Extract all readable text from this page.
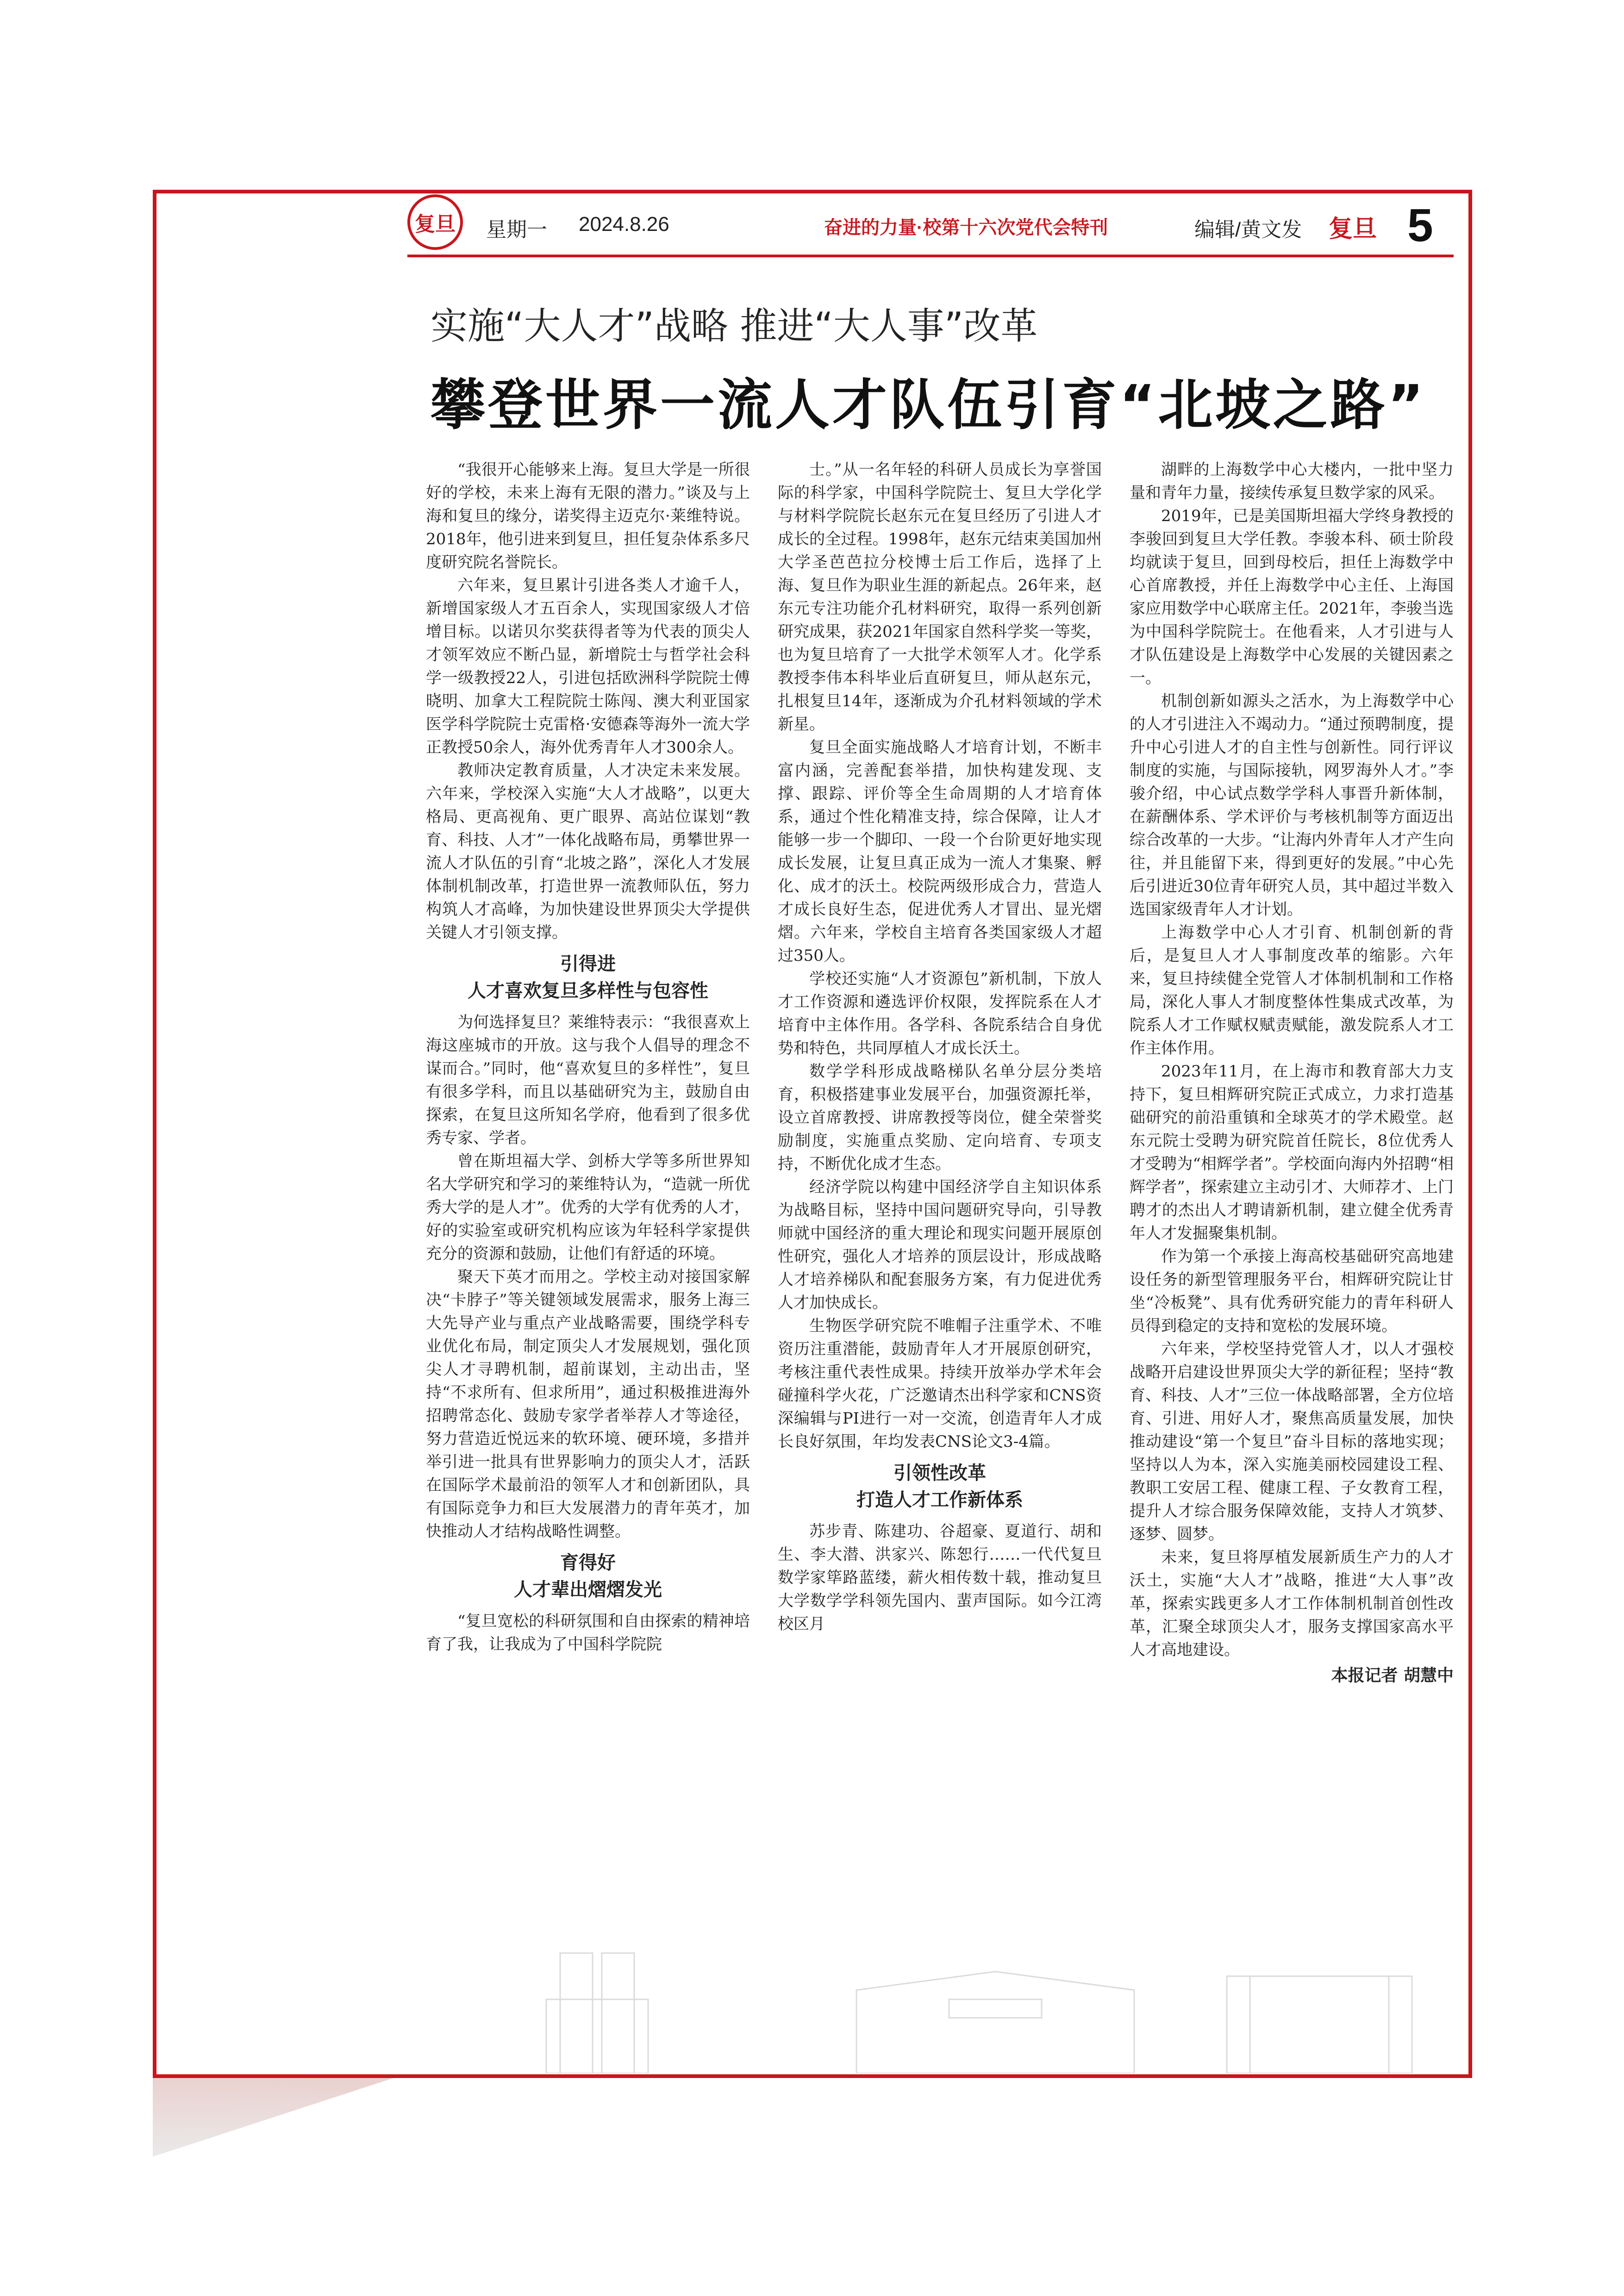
复旦 星期一 2024.8.26	奋进的力量·校第十六次党代会特刊	编辑/黄文发 复旦 5
实施“大人才”战略 推进“大人事”改革
攀登世界一流人才队伍引育“北坡之路”

“我很开心能够来上海。复旦大学是一所很好的学校，未来上海有无限的潜力。”谈及与上海和复旦的缘分，诺奖得主迈克尔·莱维特说。2018年，他引进来到复旦，担任复杂体系多尺度研究院名誉院长。

六年来，复旦累计引进各类人才逾千人，新增国家级人才五百余人，实现国家级人才倍增目标。以诺贝尔奖获得者等为代表的顶尖人才领军效应不断凸显，新增院士与哲学社会科学一级教授22人，引进包括欧洲科学院院士傅晓明、加拿大工程院院士陈闯、澳大利亚国家医学科学院院士克雷格·安德森等海外一流大学正教授50余人，海外优秀青年人才300余人。

教师决定教育质量，人才决定未来发展。六年来，学校深入实施“大人才战略”，以更大格局、更高视角、更广眼界、高站位谋划“教育、科技、人才”一体化战略布局，勇攀世界一流人才队伍的引育“北坡之路”，深化人才发展体制机制改革，打造世界一流教师队伍，努力构筑人才高峰，为加快建设世界顶尖大学提供关键人才引领支撑。

引得进
人才喜欢复旦多样性与包容性

为何选择复旦？莱维特表示：“我很喜欢上海这座城市的开放。这与我个人倡导的理念不谋而合。”同时，他“喜欢复旦的多样性”，复旦有很多学科，而且以基础研究为主，鼓励自由探索，在复旦这所知名学府，他看到了很多优秀专家、学者。

曾在斯坦福大学、剑桥大学等多所世界知名大学研究和学习的莱维特认为，“造就一所优秀大学的是人才”。优秀的大学有优秀的人才，好的实验室或研究机构应该为年轻科学家提供充分的资源和鼓励，让他们有舒适的环境。

聚天下英才而用之。学校主动对接国家解决“卡脖子”等关键领域发展需求，服务上海三大先导产业与重点产业战略需要，围绕学科专业优化布局，制定顶尖人才发展规划，强化顶尖人才寻聘机制，超前谋划，主动出击，坚持“不求所有、但求所用”，通过积极推进海外招聘常态化、鼓励专家学者举荐人才等途径，努力营造近悦远来的软环境、硬环境，多措并举引进一批具有世界影响力的顶尖人才，活跃在国际学术最前沿的领军人才和创新团队，具有国际竞争力和巨大发展潜力的青年英才，加快推动人才结构战略性调整。

育得好
人才辈出熠熠发光

“复旦宽松的科研氛围和自由探索的精神培育了我，让我成为了中国科学院院

士。”从一名年轻的科研人员成长为享誉国际的科学家，中国科学院院士、复旦大学化学与材料学院院长赵东元在复旦经历了引进人才成长的全过程。1998年，赵东元结束美国加州大学圣芭芭拉分校博士后工作后，选择了上海、复旦作为职业生涯的新起点。26年来，赵东元专注功能介孔材料研究，取得一系列创新研究成果，获2021年国家自然科学奖一等奖，也为复旦培育了一大批学术领军人才。化学系教授李伟本科毕业后直研复旦，师从赵东元，扎根复旦14年，逐渐成为介孔材料领域的学术新星。

复旦全面实施战略人才培育计划，不断丰富内涵，完善配套举措，加快构建发现、支撑、跟踪、评价等全生命周期的人才培育体系，通过个性化精准支持，综合保障，让人才能够一步一个脚印、一段一个台阶更好地实现成长发展，让复旦真正成为一流人才集聚、孵化、成才的沃土。校院两级形成合力，营造人才成长良好生态，促进优秀人才冒出、显光熠熠。六年来，学校自主培育各类国家级人才超过350人。

学校还实施“人才资源包”新机制，下放人才工作资源和遴选评价权限，发挥院系在人才培育中主体作用。各学科、各院系结合自身优势和特色，共同厚植人才成长沃土。

数学学科形成战略梯队名单分层分类培育，积极搭建事业发展平台，加强资源托举，设立首席教授、讲席教授等岗位，健全荣誉奖励制度，实施重点奖励、定向培育、专项支持，不断优化成才生态。

经济学院以构建中国经济学自主知识体系为战略目标，坚持中国问题研究导向，引导教师就中国经济的重大理论和现实问题开展原创性研究，强化人才培养的顶层设计，形成战略人才培养梯队和配套服务方案，有力促进优秀人才加快成长。

生物医学研究院不唯帽子注重学术、不唯资历注重潜能，鼓励青年人才开展原创研究，考核注重代表性成果。持续开放举办学术年会碰撞科学火花，广泛邀请杰出科学家和CNS资深编辑与PI进行一对一交流，创造青年人才成长良好氛围，年均发表CNS论文3-4篇。

引领性改革
打造人才工作新体系

苏步青、陈建功、谷超豪、夏道行、胡和生、李大潜、洪家兴、陈恕行……一代代复旦数学家筚路蓝缕，薪火相传数十载，推动复旦大学数学学科领先国内、蜚声国际。如今江湾校区月

湖畔的上海数学中心大楼内，一批中坚力量和青年力量，接续传承复旦数学家的风采。

2019年，已是美国斯坦福大学终身教授的李骏回到复旦大学任教。李骏本科、硕士阶段均就读于复旦，回到母校后，担任上海数学中心首席教授，并任上海数学中心主任、上海国家应用数学中心联席主任。2021年，李骏当选为中国科学院院士。在他看来，人才引进与人才队伍建设是上海数学中心发展的关键因素之一。

机制创新如源头之活水，为上海数学中心的人才引进注入不竭动力。“通过预聘制度，提升中心引进人才的自主性与创新性。同行评议制度的实施，与国际接轨，网罗海外人才。”李骏介绍，中心试点数学学科人事晋升新体制，在薪酬体系、学术评价与考核机制等方面迈出综合改革的一大步。“让海内外青年人才产生向往，并且能留下来，得到更好的发展。”中心先后引进近30位青年研究人员，其中超过半数入选国家级青年人才计划。

上海数学中心人才引育、机制创新的背后，是复旦人才人事制度改革的缩影。六年来，复旦持续健全党管人才体制机制和工作格局，深化人事人才制度整体性集成式改革，为院系人才工作赋权赋责赋能，激发院系人才工作主体作用。

2023年11月，在上海市和教育部大力支持下，复旦相辉研究院正式成立，力求打造基础研究的前沿重镇和全球英才的学术殿堂。赵东元院士受聘为研究院首任院长，8位优秀人才受聘为“相辉学者”。学校面向海内外招聘“相辉学者”，探索建立主动引才、大师荐才、上门聘才的杰出人才聘请新机制，建立健全优秀青年人才发掘聚集机制。

作为第一个承接上海高校基础研究高地建设任务的新型管理服务平台，相辉研究院让甘坐“冷板凳”、具有优秀研究能力的青年科研人员得到稳定的支持和宽松的发展环境。

六年来，学校坚持党管人才，以人才强校战略开启建设世界顶尖大学的新征程；坚持“教育、科技、人才”三位一体战略部署，全方位培育、引进、用好人才，聚焦高质量发展，加快推动建设“第一个复旦”奋斗目标的落地实现；坚持以人为本，深入实施美丽校园建设工程、教职工安居工程、健康工程、子女教育工程，提升人才综合服务保障效能，支持人才筑梦、逐梦、圆梦。

未来，复旦将厚植发展新质生产力的人才沃土，实施“大人才”战略，推进“大人事”改革，探索实践更多人才工作体制机制首创性改革，汇聚全球顶尖人才，服务支撑国家高水平人才高地建设。

本报记者 胡慧中
